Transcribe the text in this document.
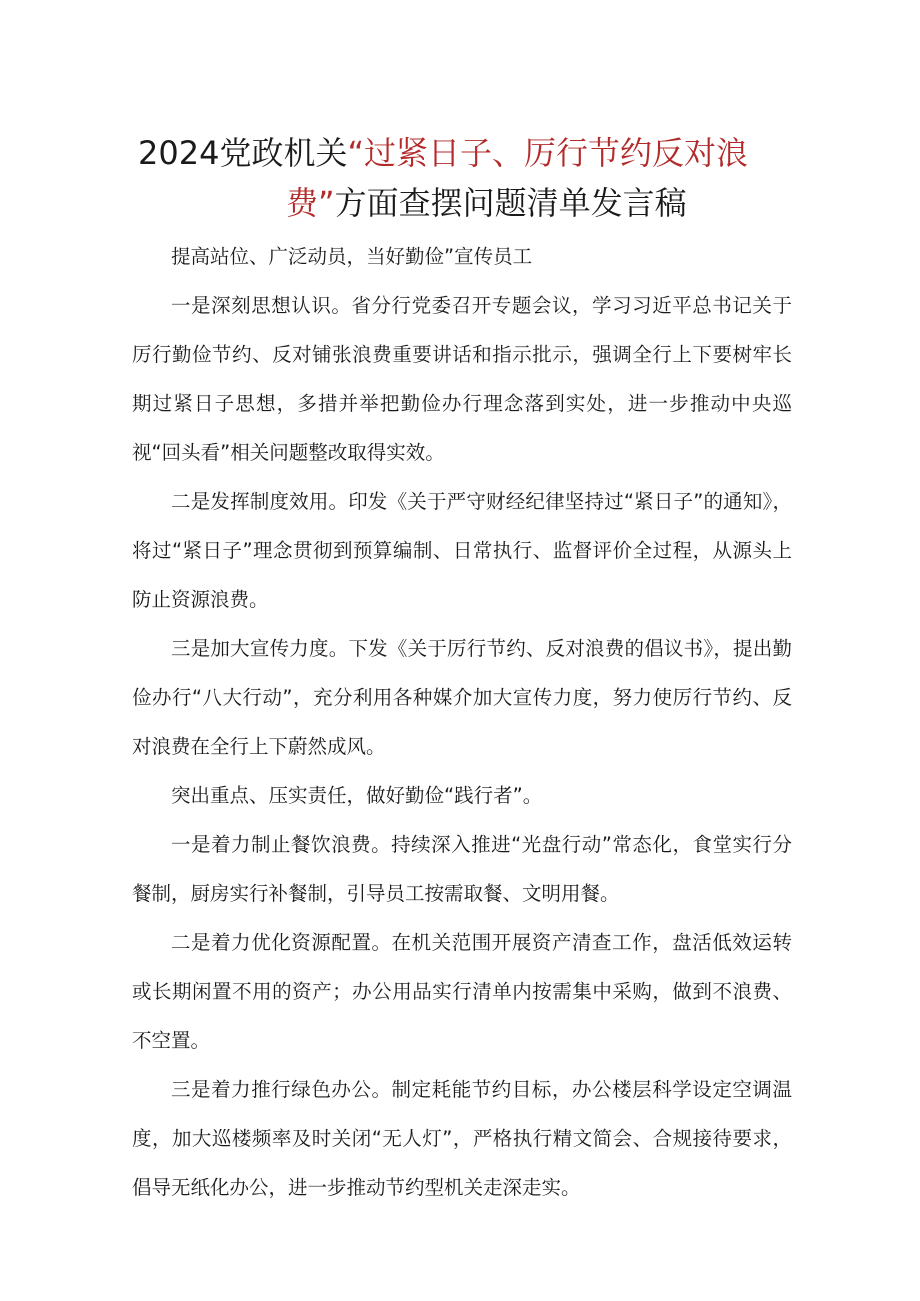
2024党政机关“过紧日子、厉行节约反对浪
费”方面查摆问题清单发言稿

提高站位、广泛动员，当好勤俭”宣传员工

一是深刻思想认识。省分行党委召开专题会议，学习习近平总书记关于厉行勤俭节约、反对铺张浪费重要讲话和指示批示，强调全行上下要树牢长期过紧日子思想，多措并举把勤俭办行理念落到实处，进一步推动中央巡视“回头看”相关问题整改取得实效。

二是发挥制度效用。印发《关于严守财经纪律坚持过“紧日子”的通知》，将过“紧日子”理念贯彻到预算编制、日常执行、监督评价全过程，从源头上防止资源浪费。

三是加大宣传力度。下发《关于厉行节约、反对浪费的倡议书》，提出勤俭办行“八大行动”，充分利用各种媒介加大宣传力度，努力使厉行节约、反对浪费在全行上下蔚然成风。

突出重点、压实责任，做好勤俭“践行者”。

一是着力制止餐饮浪费。持续深入推进“光盘行动”常态化，食堂实行分餐制，厨房实行补餐制，引导员工按需取餐、文明用餐。

二是着力优化资源配置。在机关范围开展资产清查工作，盘活低效运转或长期闲置不用的资产；办公用品实行清单内按需集中采购，做到不浪费、不空置。

三是着力推行绿色办公。制定耗能节约目标，办公楼层科学设定空调温度，加大巡楼频率及时关闭“无人灯”，严格执行精文简会、合规接待要求，倡导无纸化办公，进一步推动节约型机关走深走实。
